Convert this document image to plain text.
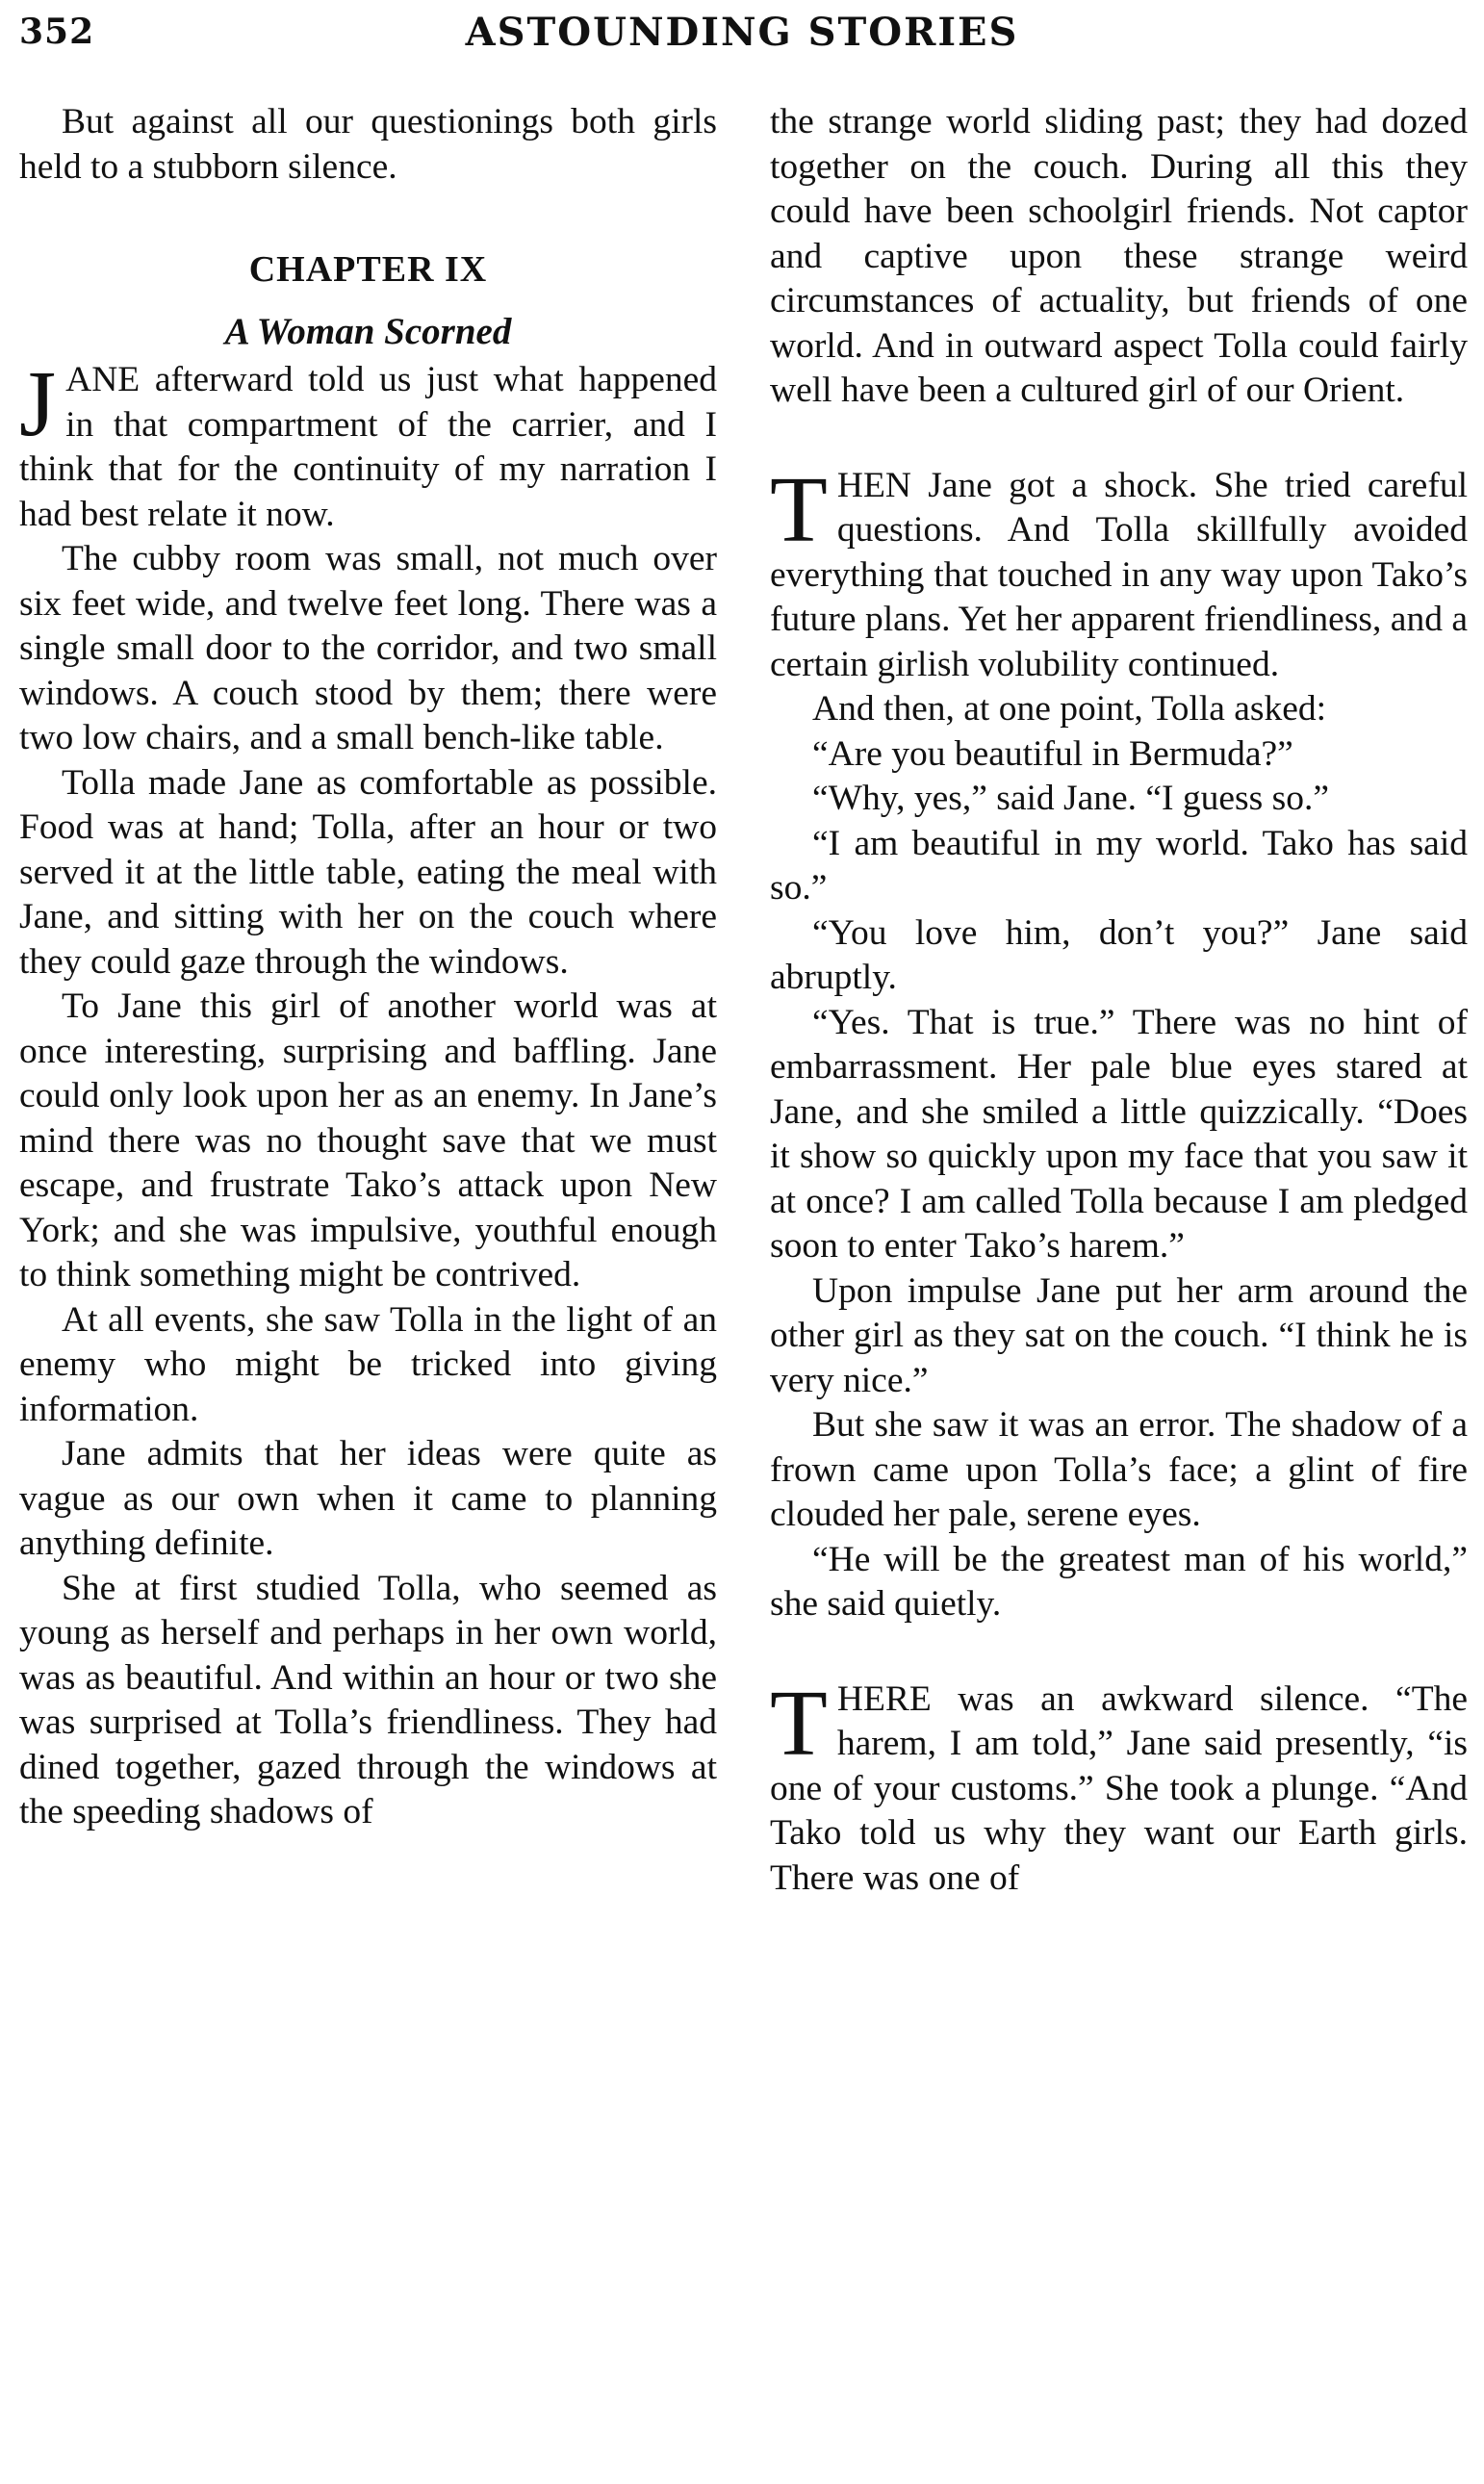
352	ASTOUNDING STORIES

But against all our questionings both girls held to a stubborn silence.

CHAPTER IX
A Woman Scorned

JANE afterward told us just what happened in that compartment of the carrier, and I think that for the continuity of my narration I had best relate it now.

The cubby room was small, not much over six feet wide, and twelve feet long. There was a single small door to the corridor, and two small windows. A couch stood by them; there were two low chairs, and a small bench-like table.

Tolla made Jane as comfortable as possible. Food was at hand; Tolla, after an hour or two served it at the little table, eating the meal with Jane, and sitting with her on the couch where they could gaze through the windows.

To Jane this girl of another world was at once interesting, surprising and baffling. Jane could only look upon her as an enemy. In Jane’s mind there was no thought save that we must escape, and frustrate Tako’s attack upon New York; and she was impulsive, youthful enough to think something might be contrived.

At all events, she saw Tolla in the light of an enemy who might be tricked into giving information.

Jane admits that her ideas were quite as vague as our own when it came to planning anything definite.

She at first studied Tolla, who seemed as young as herself and perhaps in her own world, was as beautiful. And within an hour or two she was surprised at Tolla’s friendliness. They had dined together, gazed through the windows at the speeding shadows of

the strange world sliding past; they had dozed together on the couch. During all this they could have been schoolgirl friends. Not captor and captive upon these strange weird circumstances of actuality, but friends of one world. And in outward aspect Tolla could fairly well have been a cultured girl of our Orient.

THEN Jane got a shock. She tried careful questions. And Tolla skillfully avoided everything that touched in any way upon Tako’s future plans. Yet her apparent friendliness, and a certain girlish volubility continued.

And then, at one point, Tolla asked:

“Are you beautiful in Bermuda?”

“Why, yes,” said Jane. “I guess so.”

“I am beautiful in my world. Tako has said so.”

“You love him, don’t you?” Jane said abruptly.

“Yes. That is true.” There was no hint of embarrassment. Her pale blue eyes stared at Jane, and she smiled a little quizzically. “Does it show so quickly upon my face that you saw it at once? I am called Tolla because I am pledged soon to enter Tako’s harem.”

Upon impulse Jane put her arm around the other girl as they sat on the couch. “I think he is very nice.”

But she saw it was an error. The shadow of a frown came upon Tolla’s face; a glint of fire clouded her pale, serene eyes.

“He will be the greatest man of his world,” she said quietly.

THERE was an awkward silence. “The harem, I am told,” Jane said presently, “is one of your customs.” She took a plunge. “And Tako told us why they want our Earth girls. There was one of
